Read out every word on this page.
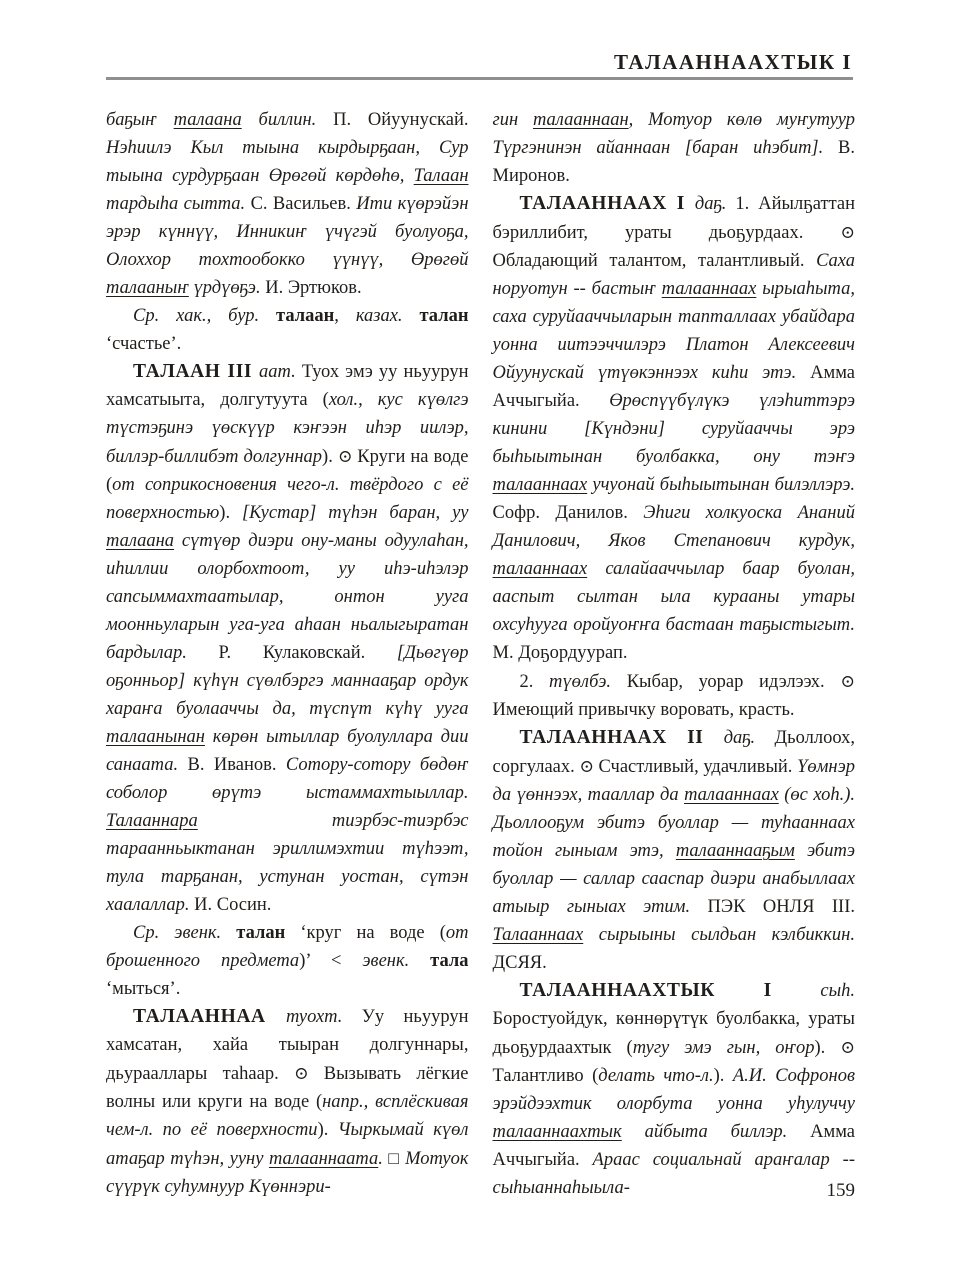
ТАЛААННААХТЫК I

баҕыҥ талаана биллин. П. Ойуунускай. Нэһиилэ Кыл тыына кырдырҕаан, Сур тыына сурдурҕаан Өрөгөй көрдөһө, Талаан тардыһа сытта. С. Васильев. Ити күөрэйэн эрэр күннүү, Инникиҥ үчүгэй буолуоҕа, Олоххор тохтообокко үүнүү, Өрөгөй талааныҥ үрдүөҕэ. И. Эртюков.

Ср. хак., бур. талаан, казах. талан ‘счастье’.

ТАЛААН III аат. Туох эмэ уу ньуурун хамсатыыта, долгутуута (хол., кус күөлгэ түстэҕинэ үөскүүр кэҥээн иһэр иилэр, биллэр-биллибэт долгуннар). ⊙ Круги на воде (от соприкосновения чего-л. твёрдого с её поверхностью). [Кустар] түһэн баран, уу талаана сүтүөр диэри ону-маны одуулаһан, иһиллии олорбохтоот, уу иһэ-иһэлэр сапсыммахтаатылар, онтон ууга моонньуларын уга-уга аһаан ньалыгыратан бардылар. Р. Кулаковскай. [Дьөгүөр оҕонньор] күһүн сүөлбэргэ маннааҕар ордук хараҥа буолааччы да, түспүт күһү ууга талаанынан көрөн ытыллар буолуллара дии санаата. В. Иванов. Сотору-сотору бөдөҥ соболор өрүтэ ыстаммахтыыллар. Талааннара тиэрбэс-тиэрбэс тараанньыктанан эриллимэхтии түһээт, тула тарҕанан, устунан уостан, сүтэн хаалаллар. И. Сосин.

Ср. эвенк. талан ‘круг на воде (от брошенного предмета)’ < эвенк. тала ‘мыться’.

ТАЛААННАА туохт. Уу ньуурун хамсатан, хайа тыыран долгуннары, дьурааллары таһаар. ⊙ Вызывать лёгкие волны или круги на воде (напр., всплёскивая чем-л. по её поверхности). Чыркымай күөл атаҕар түһэн, ууну талааннаата. □ Мотуок сүүрүк суһумнуур Күөннэри-

гин талааннаан, Мотуор көлө муҥутуур Түргэнинэн айаннаан [баран иһэбит]. В. Миронов.

ТАЛААННААХ I даҕ. 1. Айылҕаттан бэриллибит, ураты дьоҕурдаах. ⊙ Обладающий талантом, талантливый. Саха норуотун -- бастыҥ талааннаах ырыаһыта, саха суруйааччыларын тапталлаах убайдара уонна иитээччилэрэ Платон Алексеевич Ойуунускай үтүөкэннээх киһи этэ. Амма Аччыгыйа. Өрөспүүбүлүкэ үлэһиттэрэ кинини [Күндэни] суруйааччы эрэ быһыытынан буолбакка, ону тэҥэ талааннаах учуонай быһыытынан билэллэрэ. Софр. Данилов. Эһиги холкуоска Ананий Данилович, Яков Степанович курдук, талааннаах салайааччылар баар буолан, ааспыт сылтан ыла курааны утары охсуһууга оройуоҥҥа бастаан таҕыстыгыт. М. Доҕордуурап.

2. түөлбэ. Кыбар, уорар идэлээх. ⊙ Имеющий привычку воровать, красть.

ТАЛААННААХ II даҕ. Дьоллоох, соргулаах. ⊙ Счастливый, удачливый. Үөмнэр да үөннээх, тааллар да талааннаах (өс хоһ.). Дьоллооҕум эбитэ буоллар — туһааннаах тойон гыныам этэ, талааннааҕым эбитэ буоллар — саллар сааспар диэри анабыллаах атыыр гыныах этим. ПЭК ОНЛЯ III. Талааннаах сырыыны сылдьан кэлбиккин. ДСЯЯ.

ТАЛААННААХТЫК I сыһ. Боростуойдук, көннөрүтүк буолбакка, ураты дьоҕурдаахтык (тугу эмэ гын, оҥор). ⊙ Талантливо (делать что-л.). А.И. Софронов эрэйдээхтик олорбута уонна уһулуччу талааннаахтык айбыта биллэр. Амма Аччыгыйа. Араас социальнай араҥалар -- сыһыаннаһыыла-	159
